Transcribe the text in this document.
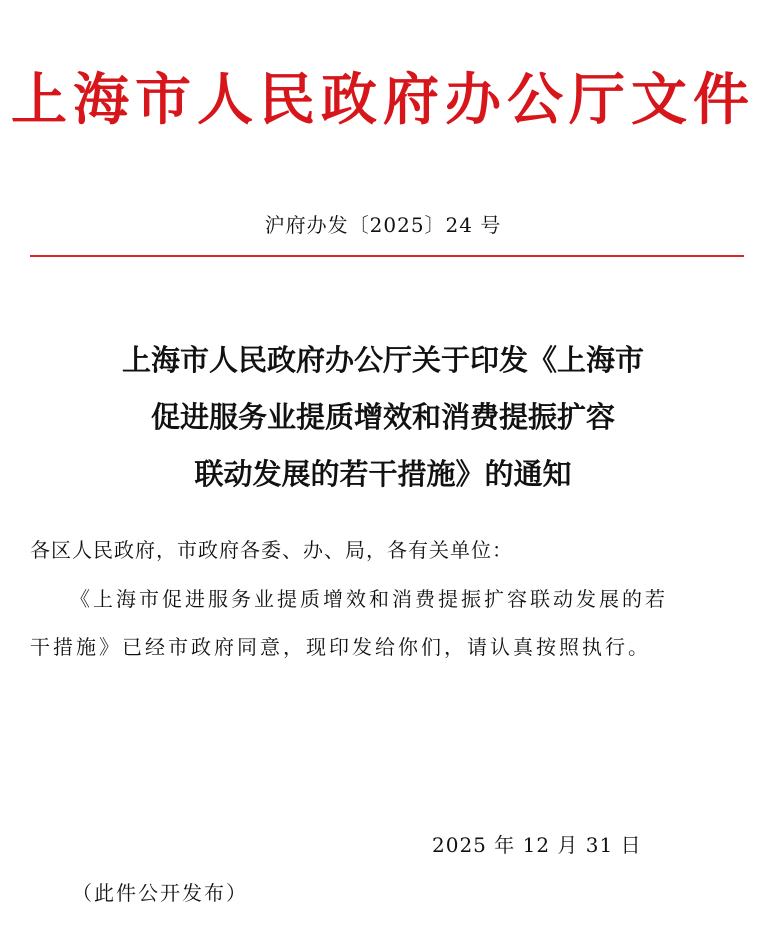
上海市人民政府办公厅文件
沪府办发〔2025〕24 号
上海市人民政府办公厅关于印发《上海市
促进服务业提质增效和消费提振扩容
联动发展的若干措施》的通知
各区人民政府，市政府各委、办、局，各有关单位：
《上海市促进服务业提质增效和消费提振扩容联动发展的若
干措施》已经市政府同意，现印发给你们，请认真按照执行。
2025 年 12 月 31 日
（此件公开发布）
